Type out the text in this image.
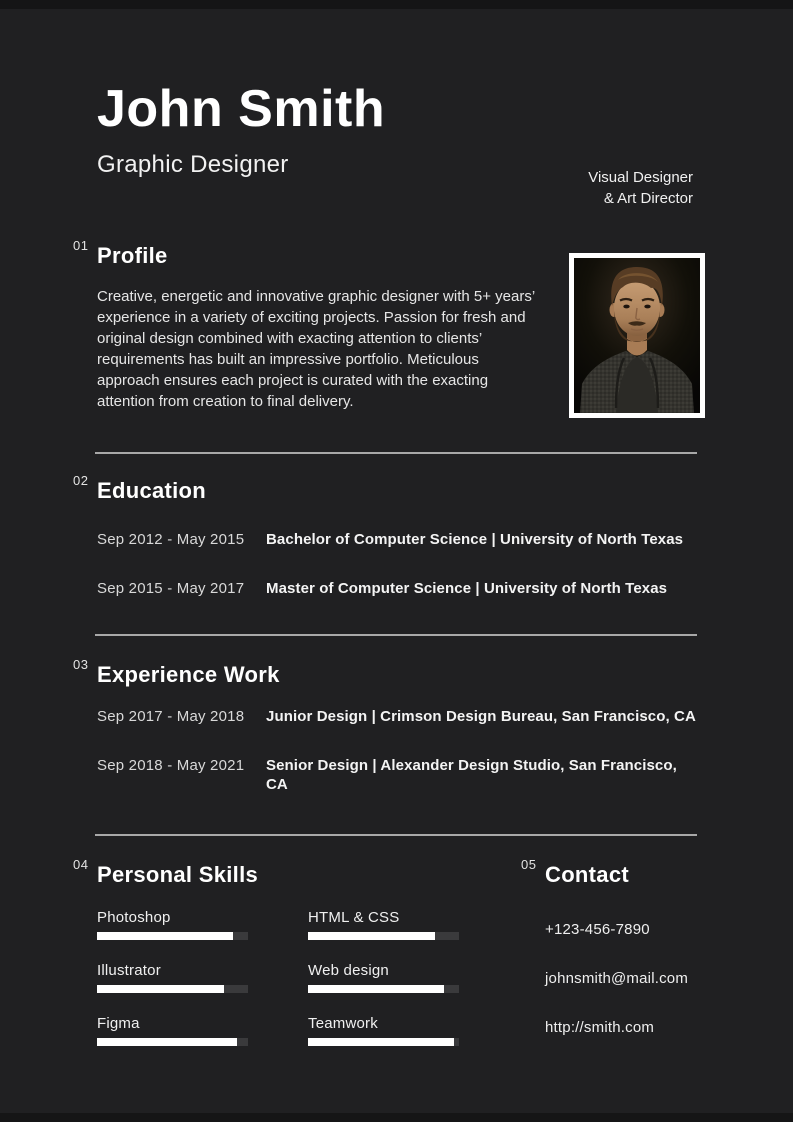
John Smith
Graphic Designer	Visual Designer
& Art Director
01 Profile

Creative, energetic and innovative graphic designer with 5+ years’ experience in a variety of exciting projects. Passion for fresh and original design combined with exacting attention to clients’ requirements has built an impressive portfolio. Meticulous approach ensures each project is curated with the exacting attention from creation to final delivery.

02 Education
Sep 2012 - May 2015 Bachelor of Computer Science | University of North Texas
Sep 2015 - May 2017 Master of Computer Science | University of North Texas
03 Experience Work
Sep 2017 - May 2018 Junior Design | Crimson Design Bureau, San Francisco, CA
Sep 2018 - May 2021 Senior Design | Alexander Design Studio, San Francisco, CA
04 Personal Skills
Photoshop
Illustrator
Figma
HTML & CSS
Web design
Teamwork
05 Contact
+123-456-7890
johnsmith@mail.com
http://smith.com
